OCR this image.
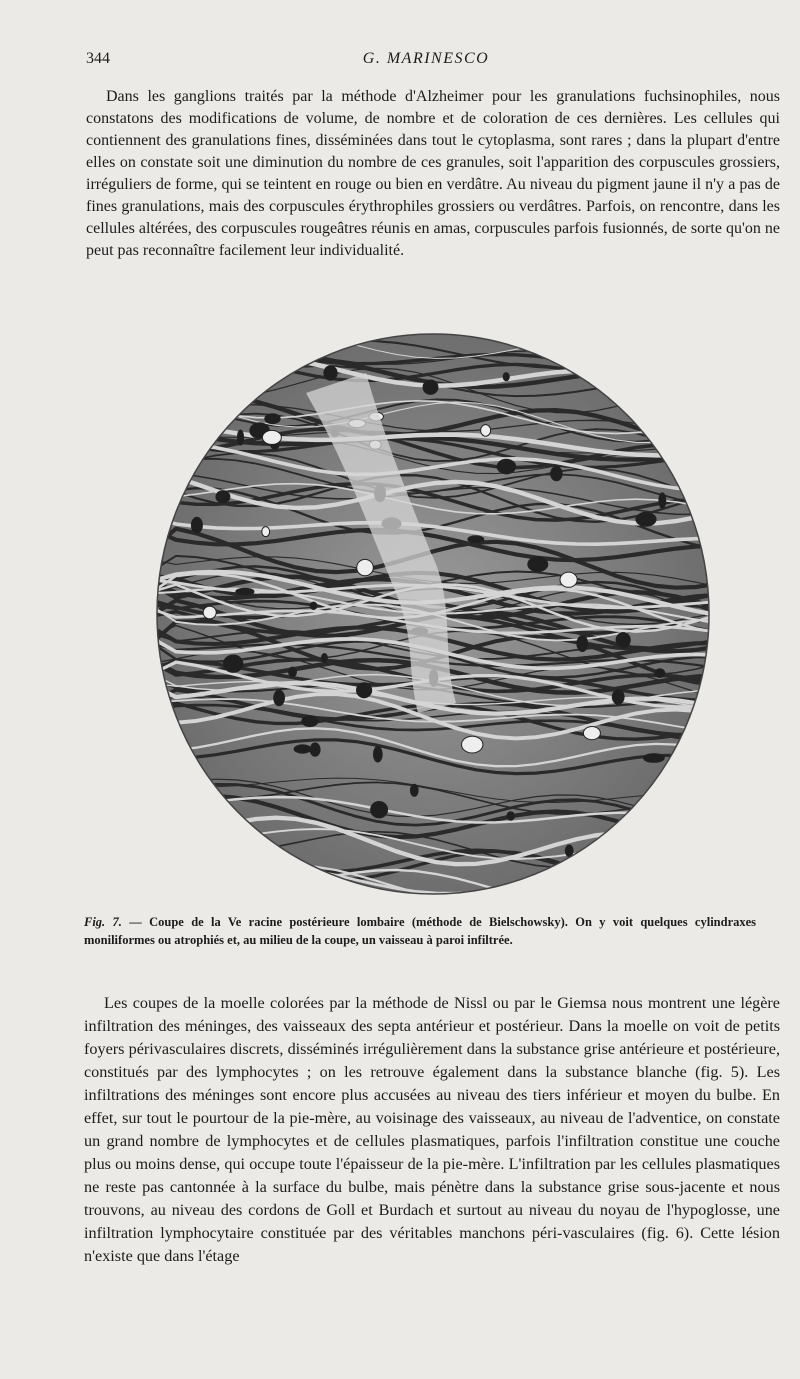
344	G. MARINESCO

Dans les ganglions traités par la méthode d'Alzheimer pour les granulations fuchsinophiles, nous constatons des modifications de volume, de nombre et de coloration de ces dernières. Les cellules qui contiennent des granulations fines, disséminées dans tout le cytoplasma, sont rares ; dans la plupart d'entre elles on constate soit une diminution du nombre de ces granules, soit l'apparition des corpuscules grossiers, irréguliers de forme, qui se teintent en rouge ou bien en verdâtre. Au niveau du pigment jaune il n'y a pas de fines granulations, mais des corpuscules érythrophiles grossiers ou verdâtres. Parfois, on rencontre, dans les cellules altérées, des corpuscules rougeâtres réunis en amas, corpuscules parfois fusionnés, de sorte qu'on ne peut pas reconnaître facilement leur individualité.

Fig. 7. — Coupe de la Ve racine postérieure lombaire (méthode de Bielschowsky). On y voit quelques cylindraxes moniliformes ou atrophiés et, au milieu de la coupe, un vaisseau à paroi infiltrée.

Les coupes de la moelle colorées par la méthode de Nissl ou par le Giemsa nous montrent une légère infiltration des méninges, des vaisseaux des septa antérieur et postérieur. Dans la moelle on voit de petits foyers périvasculaires discrets, disséminés irrégulièrement dans la substance grise antérieure et postérieure, constitués par des lymphocytes ; on les retrouve également dans la substance blanche (fig. 5). Les infiltrations des méninges sont encore plus accusées au niveau des tiers inférieur et moyen du bulbe. En effet, sur tout le pourtour de la pie-mère, au voisinage des vaisseaux, au niveau de l'adventice, on constate un grand nombre de lymphocytes et de cellules plasmatiques, parfois l'infiltration constitue une couche plus ou moins dense, qui occupe toute l'épaisseur de la pie-mère. L'infiltration par les cellules plasmatiques ne reste pas cantonnée à la surface du bulbe, mais pénètre dans la substance grise sous-jacente et nous trouvons, au niveau des cordons de Goll et Burdach et surtout au niveau du noyau de l'hypoglosse, une infiltration lymphocytaire constituée par des véritables manchons péri-vasculaires (fig. 6). Cette lésion n'existe que dans l'étage
